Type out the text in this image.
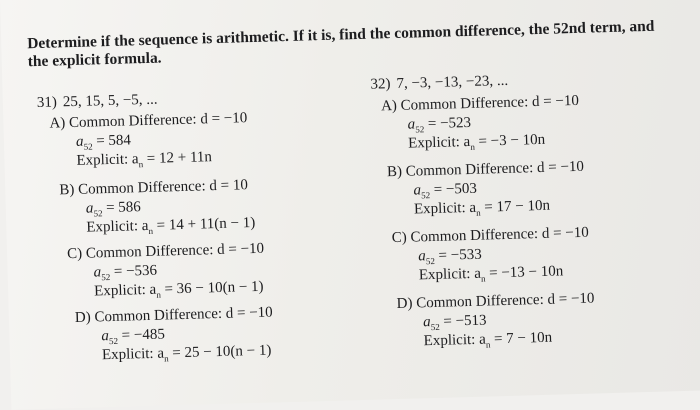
Determine if the sequence is arithmetic. If it is, find the common difference, the 52nd term, and
the explicit formula.
31) 25, 15, 5, −5, ...
A) Common Difference: d = −10
$a_{52} = 584$
Explicit: $a_n = 12 + 11n$
B) Common Difference: d = 10
$a_{52} = 586$
Explicit: $a_n = 14 + 11(n - 1)$
C) Common Difference: d = −10
$a_{52} = -536$
Explicit: $a_n = 36 - 10(n - 1)$
D) Common Difference: d = −10
$a_{52} = -485$
Explicit: $a_n = 25 - 10(n - 1)$
32) 7, −3, −13, −23, ...
A) Common Difference: d = −10
$a_{52} = -523$
Explicit: $a_n = -3 - 10n$
B) Common Difference: d = −10
$a_{52} = -503$
Explicit: $a_n = 17 - 10n$
C) Common Difference: d = −10
$a_{52} = -533$
Explicit: $a_n = -13 - 10n$
D) Common Difference: d = −10
$a_{52} = -513$
Explicit: $a_n = 7 - 10n$
